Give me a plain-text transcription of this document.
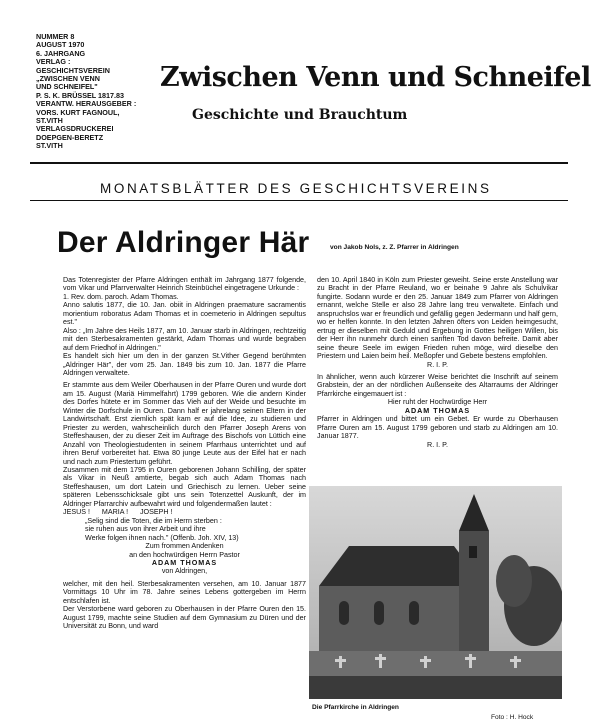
NUMMER 8
AUGUST 1970
6. JAHRGANG
VERLAG :
GESCHICHTSVEREIN
„ZWISCHEN VENN
UND SCHNEIFEL"
P. S. K. BRÜSSEL 1817.83
VERANTW. HERAUSGEBER :
VORS. KURT FAGNOUL,
ST.VITH
VERLAGSDRUCKEREI
DOEPGEN-BERETZ
ST.VITH
Zwischen Venn und Schneifel
Geschichte und Brauchtum
MONATSBLÄTTER DES GESCHICHTSVEREINS
Der Aldringer Här	von Jakob Nols, z. Z. Pfarrer in Aldringen

Das Totenregister der Pfarre Aldringen enthält im Jahrgang 1877 folgende, vom Vikar und Pfarrverwalter Heinrich Steinbüchel eingetragene Urkunde :

1. Rev. dom. paroch. Adam Thomas.

Anno salutis 1877, die 10. Jan. obiit in Aldringen praemature sacramentis morientium roboratus Adam Thomas et in coemeterio in Aldringen sepultus est."

Also : „Im Jahre des Heils 1877, am 10. Januar starb in Aldringen, rechtzeitig mit den Sterbesakramenten gestärkt, Adam Thomas und wurde begraben auf dem Friedhof in Aldringen."

Es handelt sich hier um den in der ganzen St.Vither Gegend berühmten „Aldringer Här", der vom 25. Jan. 1849 bis zum 10. Jan. 1877 die Pfarre Aldringen verwaltete.

Er stammte aus dem Weiler Oberhausen in der Pfarre Ouren und wurde dort am 15. August (Mariä Himmelfahrt) 1799 geboren. Wie die andern Kinder des Dorfes hütete er im Sommer das Vieh auf der Weide und besuchte im Winter die Dorfschule in Ouren. Dann half er jahrelang seinen Eltern in der Landwirtschaft. Erst ziemlich spät kam er auf die Idee, zu studieren und Priester zu werden, wahrscheinlich durch den Pfarrer Joseph Arens von Steffeshausen, der zu dieser Zeit im Auftrage des Bischofs von Lüttich eine Anzahl von Theologiestudenten in seinem Pfarrhaus unterrichtet und auf ihren Beruf vorbereitet hat. Etwa 80 junge Leute aus der Eifel hat er nach und nach zum Priestertum geführt.

Zusammen mit dem 1795 in Ouren geborenen Johann Schilling, der später als Vikar in Neuß amtierte, begab sich auch Adam Thomas nach Steffeshausen, um dort Latein und Griechisch zu lernen. Ueber seine späteren Lebensschicksale gibt uns sein Totenzettel Auskunft, der im Aldringer Pfarrarchiv aufbewahrt wird und folgendermaßen lautet :

JESUS !      MARIA !      JOSEPH !

„Selig sind die Toten, die im Herrn sterben :

sie ruhen aus von ihrer Arbeit und ihre

Werke folgen ihnen nach." (Offenb. Joh. XIV, 13)

Zum frommen Andenken

an den hochwürdigen Herrn Pastor

ADAM THOMAS

von Aldringen,

welcher, mit den heil. Sterbesakramenten versehen, am 10. Januar 1877 Vormittags 10 Uhr im 78. Jahre seines Lebens gottergeben im Herrn entschlafen ist.

Der Verstorbene ward geboren zu Oberhausen in der Pfarre Ouren den 15. August 1799, machte seine Studien auf dem Gymnasium zu Düren und der Universität zu Bonn, und ward

den 10. April 1840 in Köln zum Priester geweiht. Seine erste Anstellung war zu Bracht in der Pfarre Reuland, wo er beinahe 9 Jahre als Schulvikar fungirte. Sodann wurde er den 25. Januar 1849 zum Pfarrer von Aldringen ernannt, welche Stelle er also 28 Jahre lang treu verwaltete. Einfach und anspruchslos war er freundlich und gefällig gegen Jedermann und half gern, wo er helfen konnte. In den letzten Jahren öfters von Leiden heimgesucht, ertrug er dieselben mit Geduld und Ergebung in Gottes heiligen Willen, bis der Herr ihn nunmehr durch einen sanften Tod davon befreite. Damit aber seine theure Seele im ewigen Frieden ruhen möge, wird dieselbe den Priestern und Laien beim heil. Meßopfer und Gebete bestens empfohlen.

R. I. P.

In ähnlicher, wenn auch kürzerer Weise berichtet die Inschrift auf seinem Grabstein, der an der nördlichen Außenseite des Altarraums der Aldringer Pfarrkirche eingemauert ist :

Hier ruht der Hochwürdige Herr

ADAM THOMAS

Pfarrer in Aldringen und bittet um ein Gebet. Er wurde zu Oberhausen Pfarre Ouren am 15. August 1799 geboren und starb zu Aldringen am 10. Januar 1877.

R. I. P.

Die Pfarrkirche in Aldringen
Foto : H. Hock
